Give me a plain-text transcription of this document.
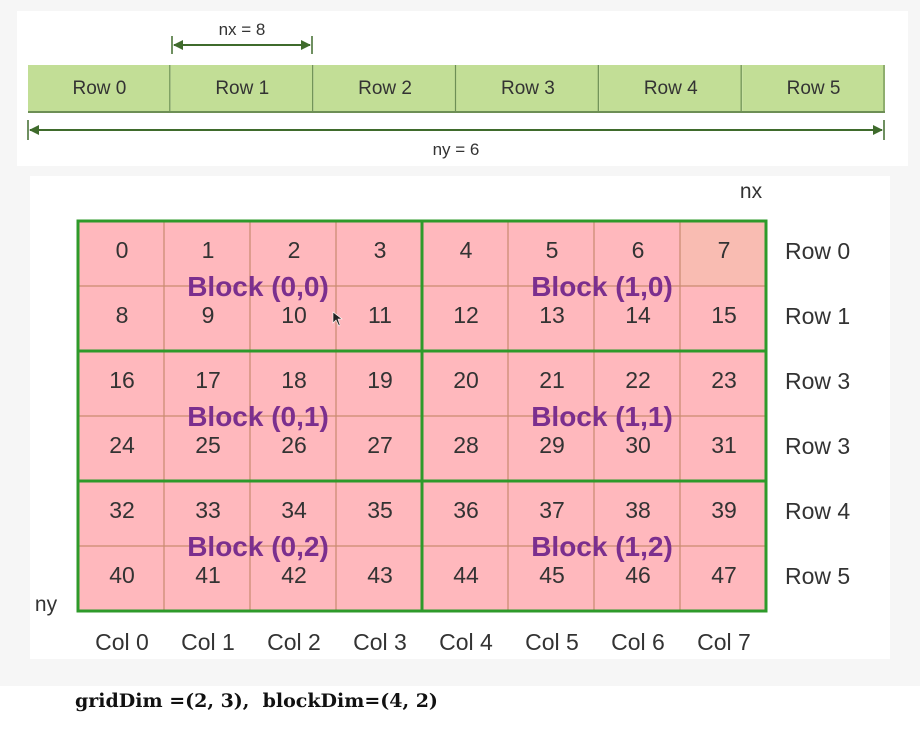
Row 0	Row 1	Row 2	Row 3	Row 4	Row 5
nx = 8
ny = 6
0	1	2	3	4	5	6	7
8	9	10	11	12	13	14	15
16	17	18	19	20	21	22	23
24	25	26	27	28	29	30	31
32	33	34	35	36	37	38	39
40	41	42	43	44	45	46	47
Block (0,0)	Block (1,0)
Block (0,1)	Block (1,1)
Block (0,2)	Block (1,2)
Row 0
Row 1
Row 3
Row 3
Row 4
Row 5
Col 0 Col 1 Col 2 Col 3 Col 4 Col 5 Col 6 Col 7
nx
ny
gridDim =(2, 3),  blockDim=(4, 2)
